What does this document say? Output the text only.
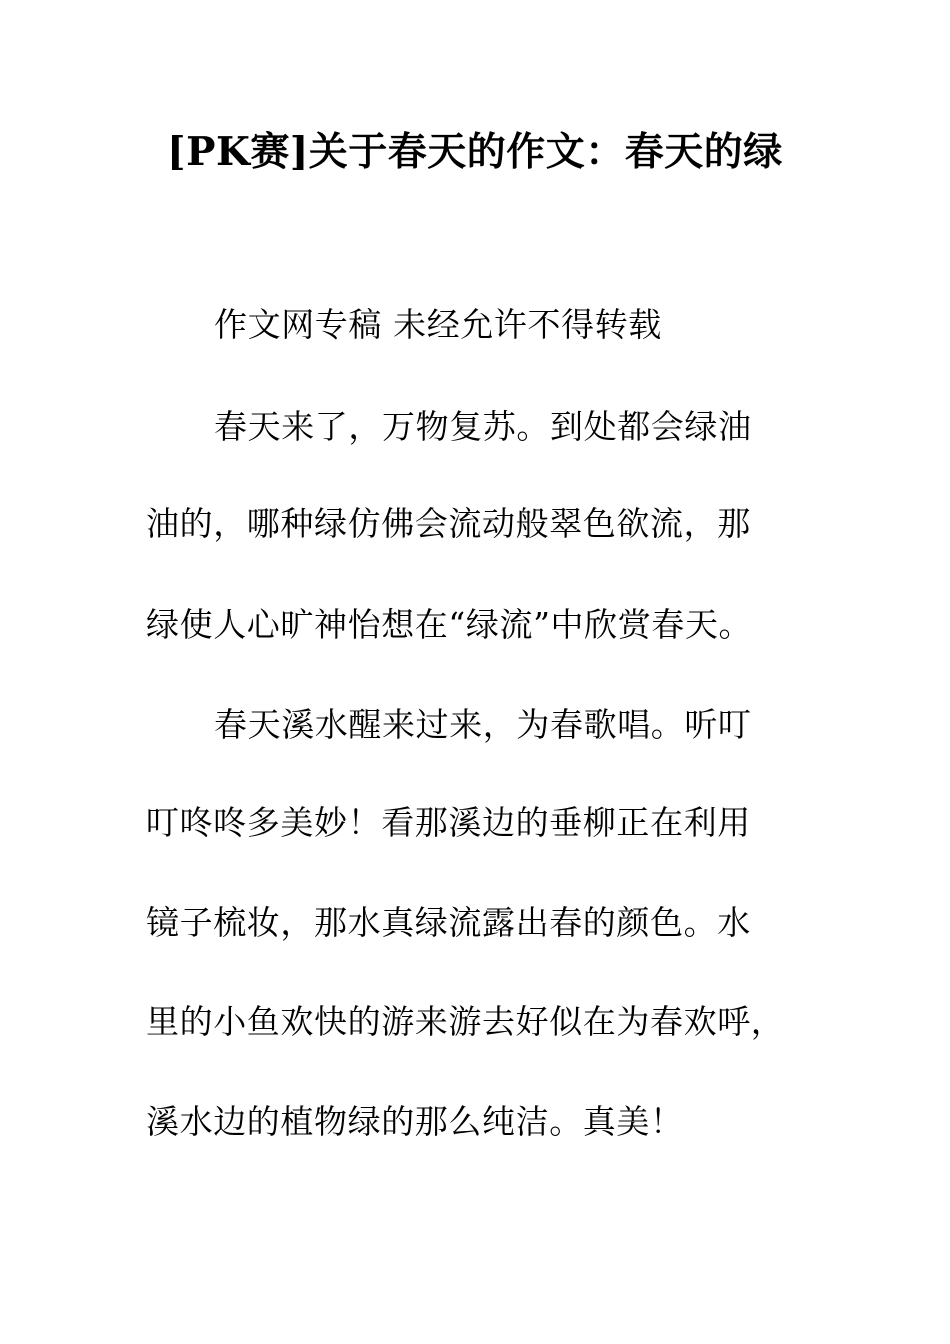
[PK赛]关于春天的作文：春天的绿
作文网专稿 未经允许不得转载
春天来了，万物复苏。到处都会绿油
油的，哪种绿仿佛会流动般翠色欲流，那
绿使人心旷神怡想在“绿流”中欣赏春天。
春天溪水醒来过来，为春歌唱。听叮
叮咚咚多美妙！看那溪边的垂柳正在利用
镜子梳妆，那水真绿流露出春的颜色。水
里的小鱼欢快的游来游去好似在为春欢呼，
溪水边的植物绿的那么纯洁。真美！
